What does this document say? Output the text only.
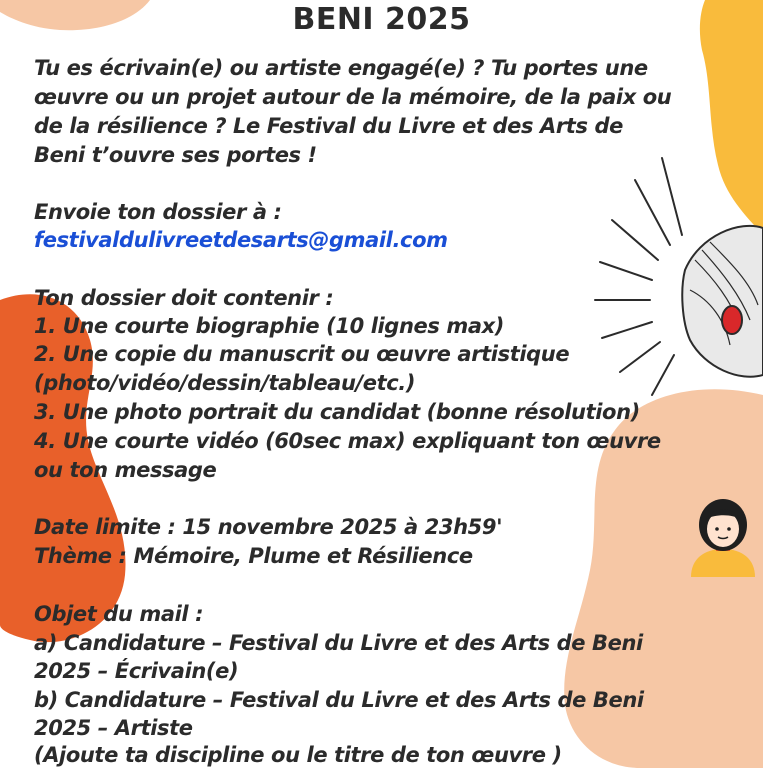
BENI 2025
Tu es écrivain(e) ou artiste engagé(e) ? Tu portes une
œuvre ou un projet autour de la mémoire, de la paix ou
de la résilience ? Le Festival du Livre et des Arts de
Beni t’ouvre ses portes !
Envoie ton dossier à :
festivaldulivreetdesarts@gmail.com
Ton dossier doit contenir :
1. Une courte biographie (10 lignes max)
2. Une copie du manuscrit ou œuvre artistique
(photo/vidéo/dessin/tableau/etc.)
3. Une photo portrait du candidat (bonne résolution)
4. Une courte vidéo (60sec max) expliquant ton œuvre
ou ton message
Date limite : 15 novembre 2025 à 23h59'
Thème : Mémoire, Plume et Résilience
Objet du mail :
a) Candidature – Festival du Livre et des Arts de Beni
2025 – Écrivain(e)
b) Candidature – Festival du Livre et des Arts de Beni
2025 – Artiste
(Ajoute ta discipline ou le titre de ton œuvre )
